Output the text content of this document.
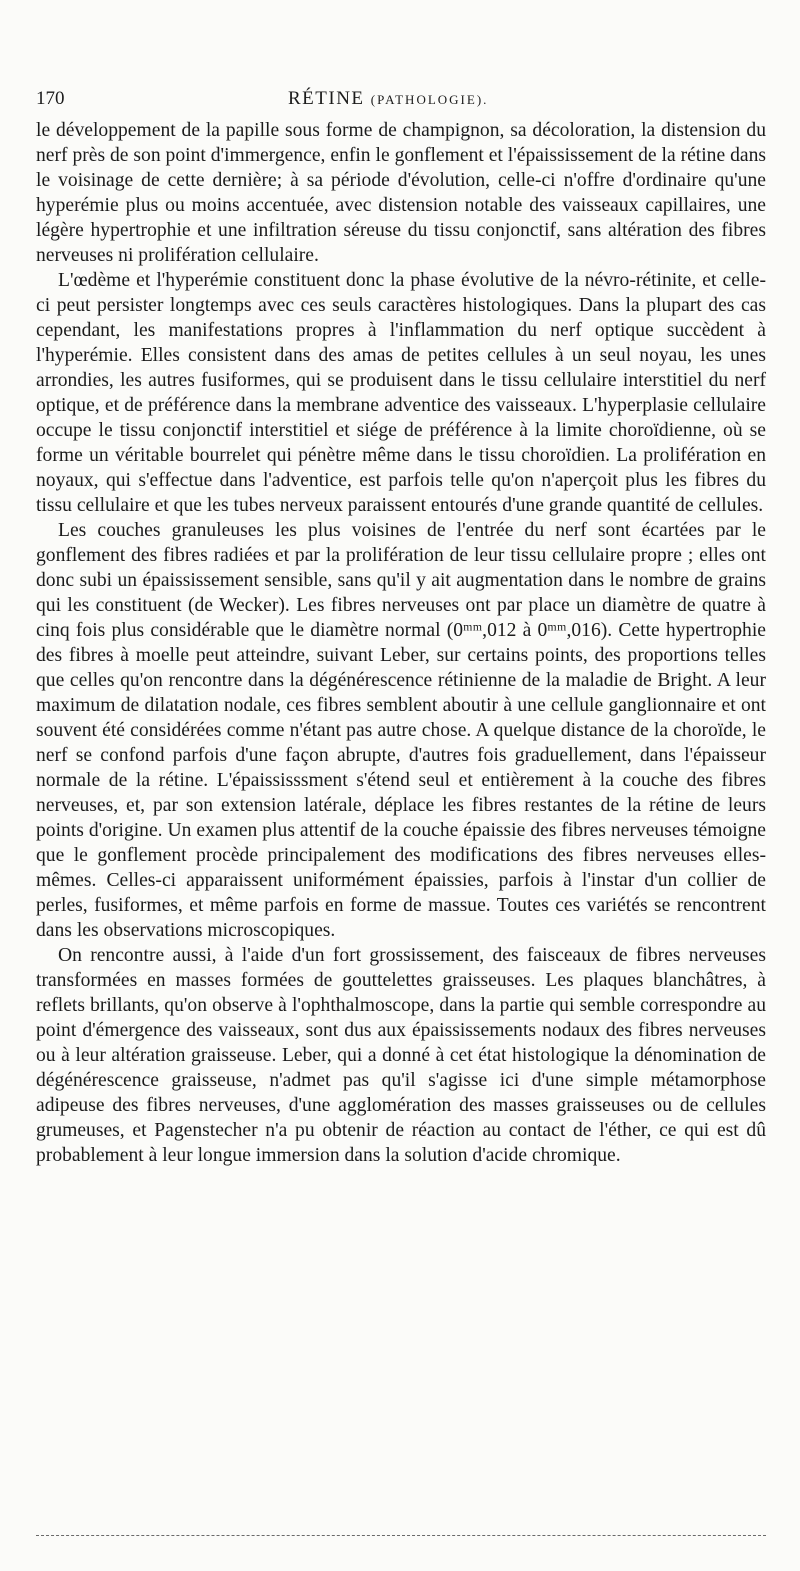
170	RÉTINE (PATHOLOGIE).

le développement de la papille sous forme de champignon, sa décoloration, la distension du nerf près de son point d'immergence, enfin le gonflement et l'épaississement de la rétine dans le voisinage de cette dernière; à sa période d'évolution, celle-ci n'offre d'ordinaire qu'une hyperémie plus ou moins accentuée, avec distension notable des vaisseaux capillaires, une légère hypertrophie et une infiltration séreuse du tissu conjonctif, sans altération des fibres nerveuses ni prolifération cellulaire.

L'œdème et l'hyperémie constituent donc la phase évolutive de la névro-rétinite, et celle-ci peut persister longtemps avec ces seuls caractères histologiques. Dans la plupart des cas cependant, les manifestations propres à l'inflammation du nerf optique succèdent à l'hyperémie. Elles consistent dans des amas de petites cellules à un seul noyau, les unes arrondies, les autres fusiformes, qui se produisent dans le tissu cellulaire interstitiel du nerf optique, et de préférence dans la membrane adventice des vaisseaux. L'hyperplasie cellulaire occupe le tissu conjonctif interstitiel et siége de préférence à la limite choroïdienne, où se forme un véritable bourrelet qui pénètre même dans le tissu choroïdien. La prolifération en noyaux, qui s'effectue dans l'adventice, est parfois telle qu'on n'aperçoit plus les fibres du tissu cellulaire et que les tubes nerveux paraissent entourés d'une grande quantité de cellules.

Les couches granuleuses les plus voisines de l'entrée du nerf sont écartées par le gonflement des fibres radiées et par la prolifération de leur tissu cellulaire propre ; elles ont donc subi un épaississement sensible, sans qu'il y ait augmentation dans le nombre de grains qui les constituent (de Wecker). Les fibres nerveuses ont par place un diamètre de quatre à cinq fois plus considérable que le diamètre normal (0ᵐᵐ,012 à 0ᵐᵐ,016). Cette hypertrophie des fibres à moelle peut atteindre, suivant Leber, sur certains points, des proportions telles que celles qu'on rencontre dans la dégénérescence rétinienne de la maladie de Bright. A leur maximum de dilatation nodale, ces fibres semblent aboutir à une cellule ganglionnaire et ont souvent été considérées comme n'étant pas autre chose. A quelque distance de la choroïde, le nerf se confond parfois d'une façon abrupte, d'autres fois graduellement, dans l'épaisseur normale de la rétine. L'épaississsment s'étend seul et entièrement à la couche des fibres nerveuses, et, par son extension latérale, déplace les fibres restantes de la rétine de leurs points d'origine. Un examen plus attentif de la couche épaissie des fibres nerveuses témoigne que le gonflement procède principalement des modifications des fibres nerveuses elles-mêmes. Celles-ci apparaissent uniformément épaissies, parfois à l'instar d'un collier de perles, fusiformes, et même parfois en forme de massue. Toutes ces variétés se rencontrent dans les observations microscopiques.

On rencontre aussi, à l'aide d'un fort grossissement, des faisceaux de fibres nerveuses transformées en masses formées de gouttelettes graisseuses. Les plaques blanchâtres, à reflets brillants, qu'on observe à l'ophthalmoscope, dans la partie qui semble correspondre au point d'émergence des vaisseaux, sont dus aux épaississements nodaux des fibres nerveuses ou à leur altération graisseuse. Leber, qui a donné à cet état histologique la dénomination de dégénérescence graisseuse, n'admet pas qu'il s'agisse ici d'une simple métamorphose adipeuse des fibres nerveuses, d'une agglomération des masses graisseuses ou de cellules grumeuses, et Pagenstecher n'a pu obtenir de réaction au contact de l'éther, ce qui est dû probablement à leur longue immersion dans la solution d'acide chromique.
